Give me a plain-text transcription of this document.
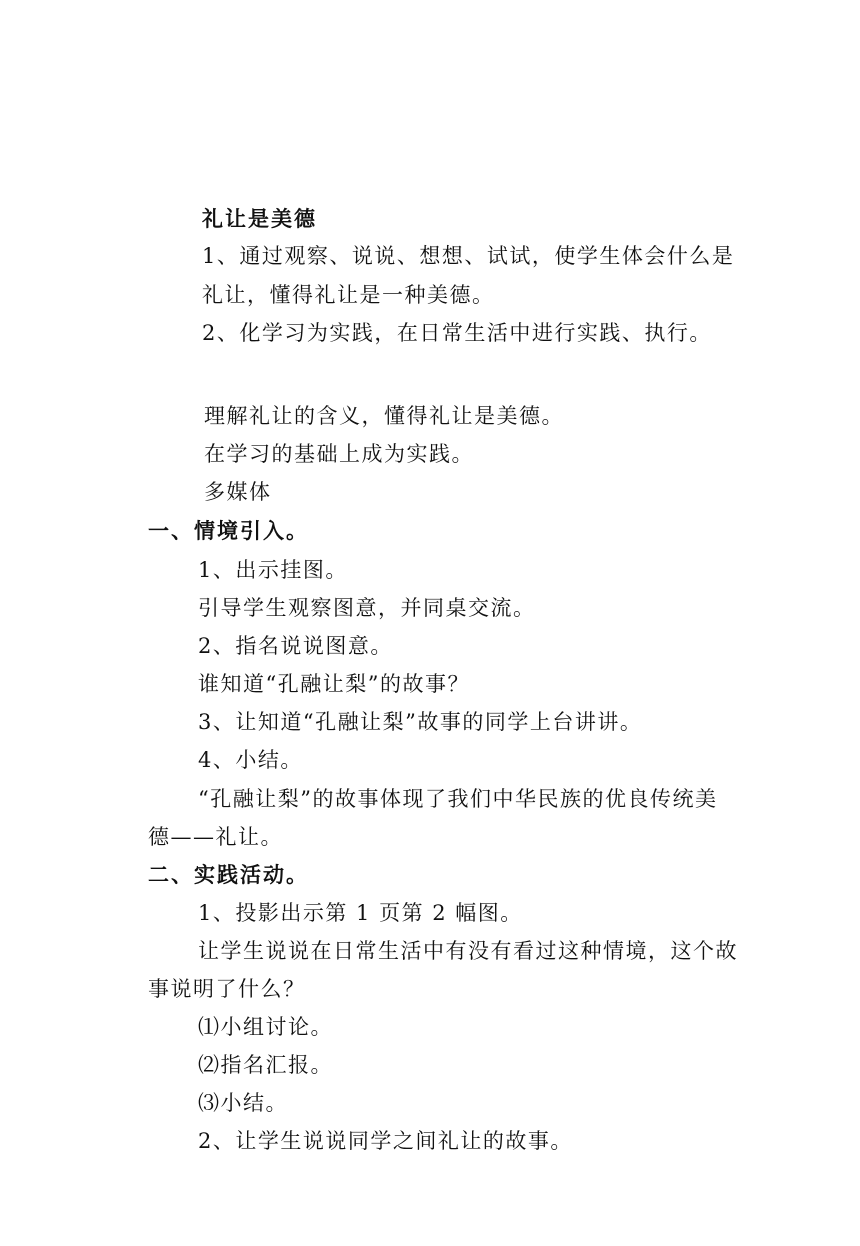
礼让是美德
1、通过观察、说说、想想、试试，使学生体会什么是
礼让，懂得礼让是一种美德。
2、化学习为实践，在日常生活中进行实践、执行。
理解礼让的含义，懂得礼让是美德。
在学习的基础上成为实践。
多媒体
一、情境引入。
1、出示挂图。
引导学生观察图意，并同桌交流。
2、指名说说图意。
谁知道“孔融让梨”的故事？
3、让知道“孔融让梨”故事的同学上台讲讲。
4、小结。
“孔融让梨”的故事体现了我们中华民族的优良传统美
德——礼让。
二、实践活动。
1、投影出示第 1 页第 2 幅图。
让学生说说在日常生活中有没有看过这种情境，这个故
事说明了什么？
⑴小组讨论。
⑵指名汇报。
⑶小结。
2、让学生说说同学之间礼让的故事。
